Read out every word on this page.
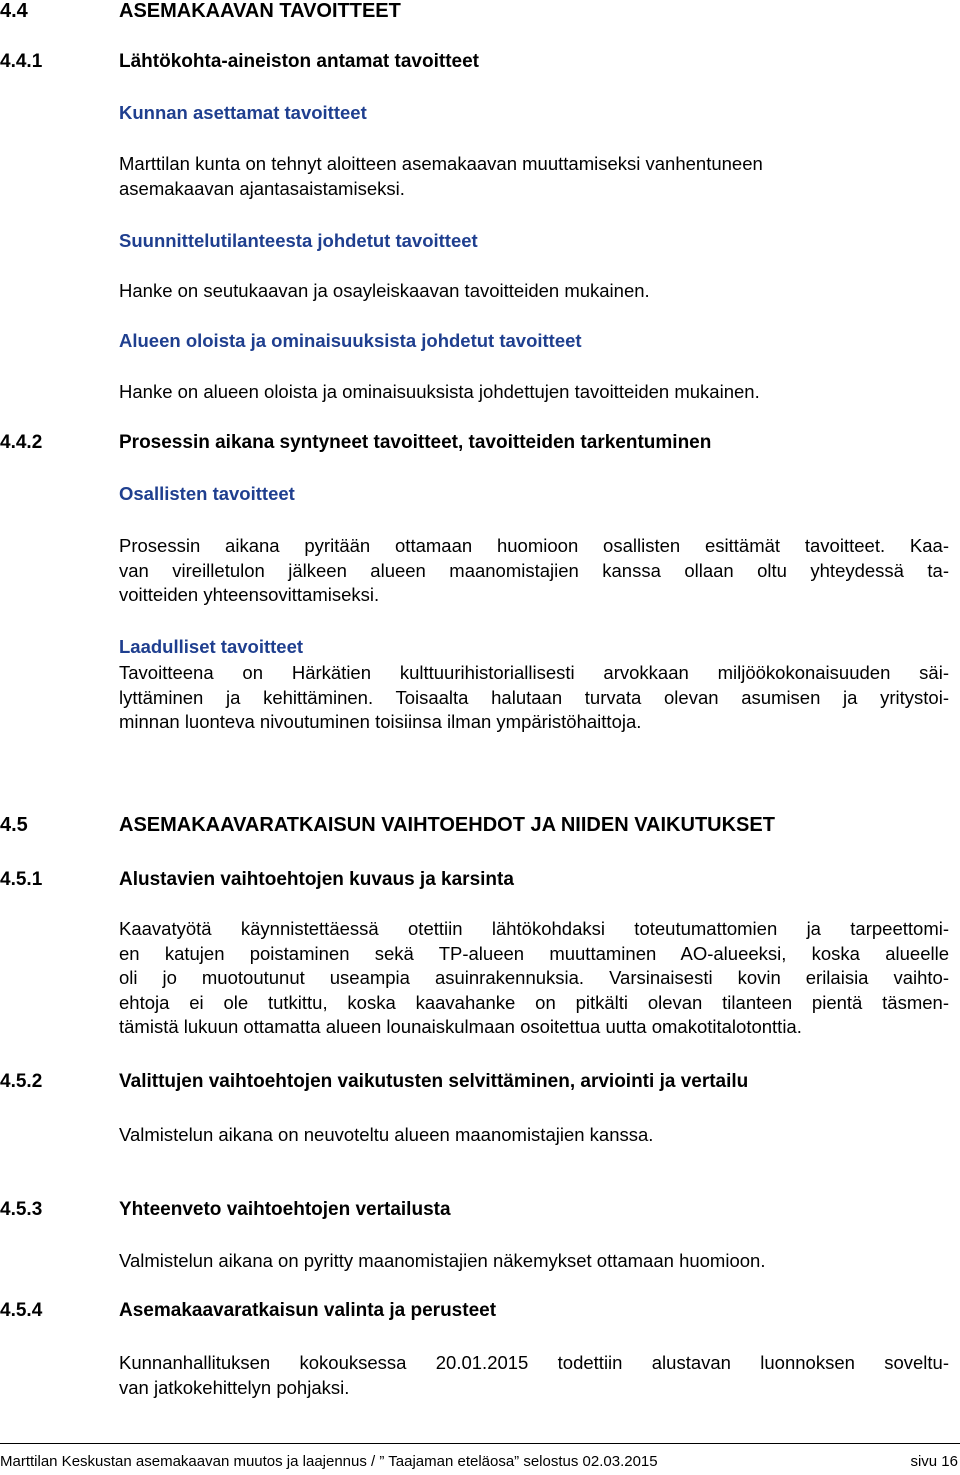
4.4	ASEMAKAAVAN TAVOITTEET
4.4.1	Lähtökohta-aineiston antamat tavoitteet
Kunnan asettamat tavoitteet
Marttilan kunta on tehnyt aloitteen asemakaavan muuttamiseksi vanhentuneen
asemakaavan ajantasaistamiseksi.
Suunnittelutilanteesta johdetut tavoitteet
Hanke on seutukaavan ja osayleiskaavan tavoitteiden mukainen.
Alueen oloista ja ominaisuuksista johdetut tavoitteet
Hanke on alueen oloista ja ominaisuuksista johdettujen tavoitteiden mukainen.
4.4.2	Prosessin aikana syntyneet tavoitteet, tavoitteiden tarkentuminen
Osallisten tavoitteet
Prosessin aikana pyritään ottamaan huomioon osallisten esittämät tavoitteet. Kaa-
van vireilletulon jälkeen alueen maanomistajien kanssa ollaan oltu yhteydessä ta-
voitteiden yhteensovittamiseksi.
Laadulliset tavoitteet
Tavoitteena on Härkätien kulttuurihistoriallisesti arvokkaan miljöökokonaisuuden säi-
lyttäminen ja kehittäminen. Toisaalta halutaan turvata olevan asumisen ja yritystoi-
minnan luonteva nivoutuminen toisiinsa ilman ympäristöhaittoja.
4.5	ASEMAKAAVARATKAISUN VAIHTOEHDOT JA NIIDEN VAIKUTUKSET
4.5.1	Alustavien vaihtoehtojen kuvaus ja karsinta
Kaavatyötä käynnistettäessä otettiin lähtökohdaksi toteutumattomien ja tarpeettomi-
en katujen poistaminen sekä TP-alueen muuttaminen AO-alueeksi, koska alueelle
oli jo muotoutunut useampia asuinrakennuksia. Varsinaisesti kovin erilaisia vaihto-
ehtoja ei ole tutkittu, koska kaavahanke on pitkälti olevan tilanteen pientä täsmen-
tämistä lukuun ottamatta alueen lounaiskulmaan osoitettua uutta omakotitalotonttia.
4.5.2	Valittujen vaihtoehtojen vaikutusten selvittäminen, arviointi ja vertailu
Valmistelun aikana on neuvoteltu alueen maanomistajien kanssa.
4.5.3	Yhteenveto vaihtoehtojen vertailusta
Valmistelun aikana on pyritty maanomistajien näkemykset ottamaan huomioon.
4.5.4	Asemakaavaratkaisun valinta ja perusteet
Kunnanhallituksen kokouksessa 20.01.2015 todettiin alustavan luonnoksen soveltu-
van jatkokehittelyn pohjaksi.
Marttilan Keskustan asemakaavan muutos ja laajennus / ” Taajaman eteläosa” selostus 02.03.2015	sivu 16
